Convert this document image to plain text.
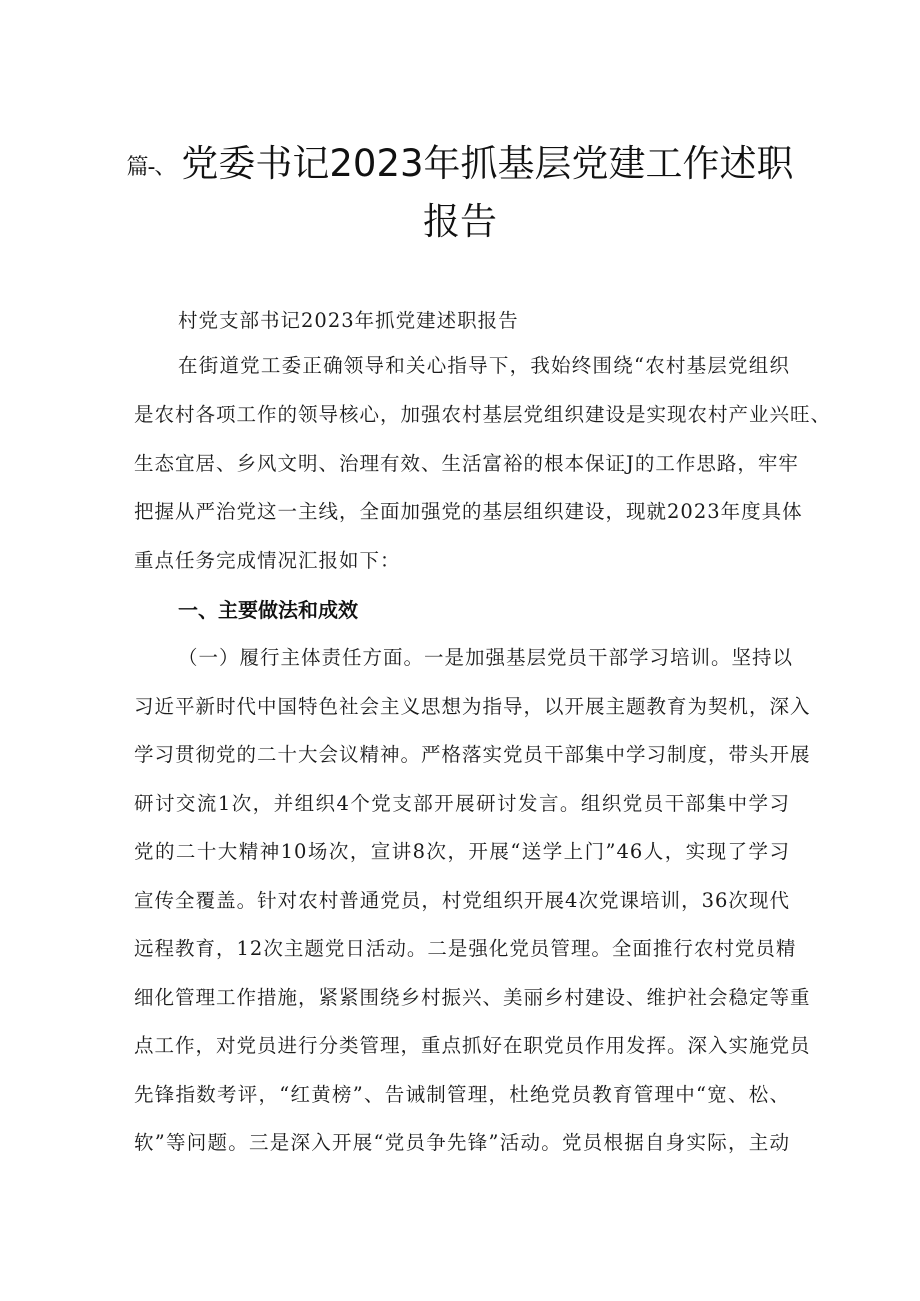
篇-、 党委书记2023年抓基层党建工作述职
报告
村党支部书记2023年抓党建述职报告
在街道党工委正确领导和关心指导下，我始终围绕“农村基层党组织
是农村各项工作的领导核心，加强农村基层党组织建设是实现农村产业兴旺、
生态宜居、乡风文明、治理有效、生活富裕的根本保证J的工作思路，牢牢
把握从严治党这一主线，全面加强党的基层组织建设，现就2023年度具体
重点任务完成情况汇报如下：
一、主要做法和成效
（一）履行主体责任方面。一是加强基层党员干部学习培训。坚持以
习近平新时代中国特色社会主义思想为指导，以开展主题教育为契机，深入
学习贯彻党的二十大会议精神。严格落实党员干部集中学习制度，带头开展
研讨交流1次，并组织4个党支部开展研讨发言。组织党员干部集中学习
党的二十大精神10场次，宣讲8次，开展“送学上门”46人，实现了学习
宣传全覆盖。针对农村普通党员，村党组织开展4次党课培训，36次现代
远程教育，12次主题党日活动。二是强化党员管理。全面推行农村党员精
细化管理工作措施，紧紧围绕乡村振兴、美丽乡村建设、维护社会稳定等重
点工作，对党员进行分类管理，重点抓好在职党员作用发挥。深入实施党员
先锋指数考评，“红黄榜”、告诫制管理，杜绝党员教育管理中“宽、松、
软”等问题。三是深入开展“党员争先锋”活动。党员根据自身实际，主动
